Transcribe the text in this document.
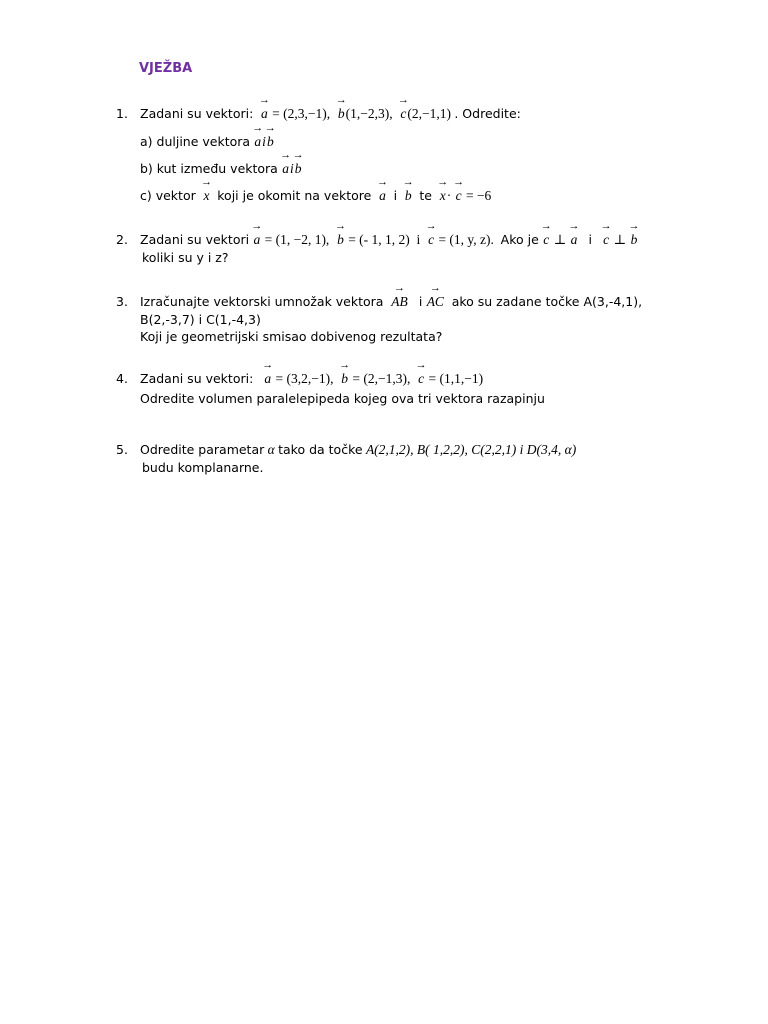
VJEŽBA
1. Zadani su vektori: → a = (2,3,−1), → b(1,−2,3), → c(2,−1,1) . Odredite:
a) duljine vektora → ai→ b
b) kut između vektora → ai→ b
c) vektor → x koji je okomit na vektore → a i → b te → x· → c = −6
2. Zadani su vektori → a = (1, −2, 1), → b = (- 1, 1, 2) i → c = (1, y, z). Ako je → c ⊥ → a i → c ⊥ → b
koliki su y i z?
3. Izračunajte vektorski umnožak vektora → AB i → AC ako su zadane točke A(3,-4,1),
B(2,-3,7) i C(1,-4,3)
Koji je geometrijski smisao dobivenog rezultata?
4. Zadani su vektori: → a = (3,2,−1), → b = (2,−1,3), → c = (1,1,−1)
Odredite volumen paralelepipeda kojeg ova tri vektora razapinju
5. Odredite parametar α tako da točke A(2,1,2), B( 1,2,2), C(2,2,1) i D(3,4, α)
budu komplanarne.
